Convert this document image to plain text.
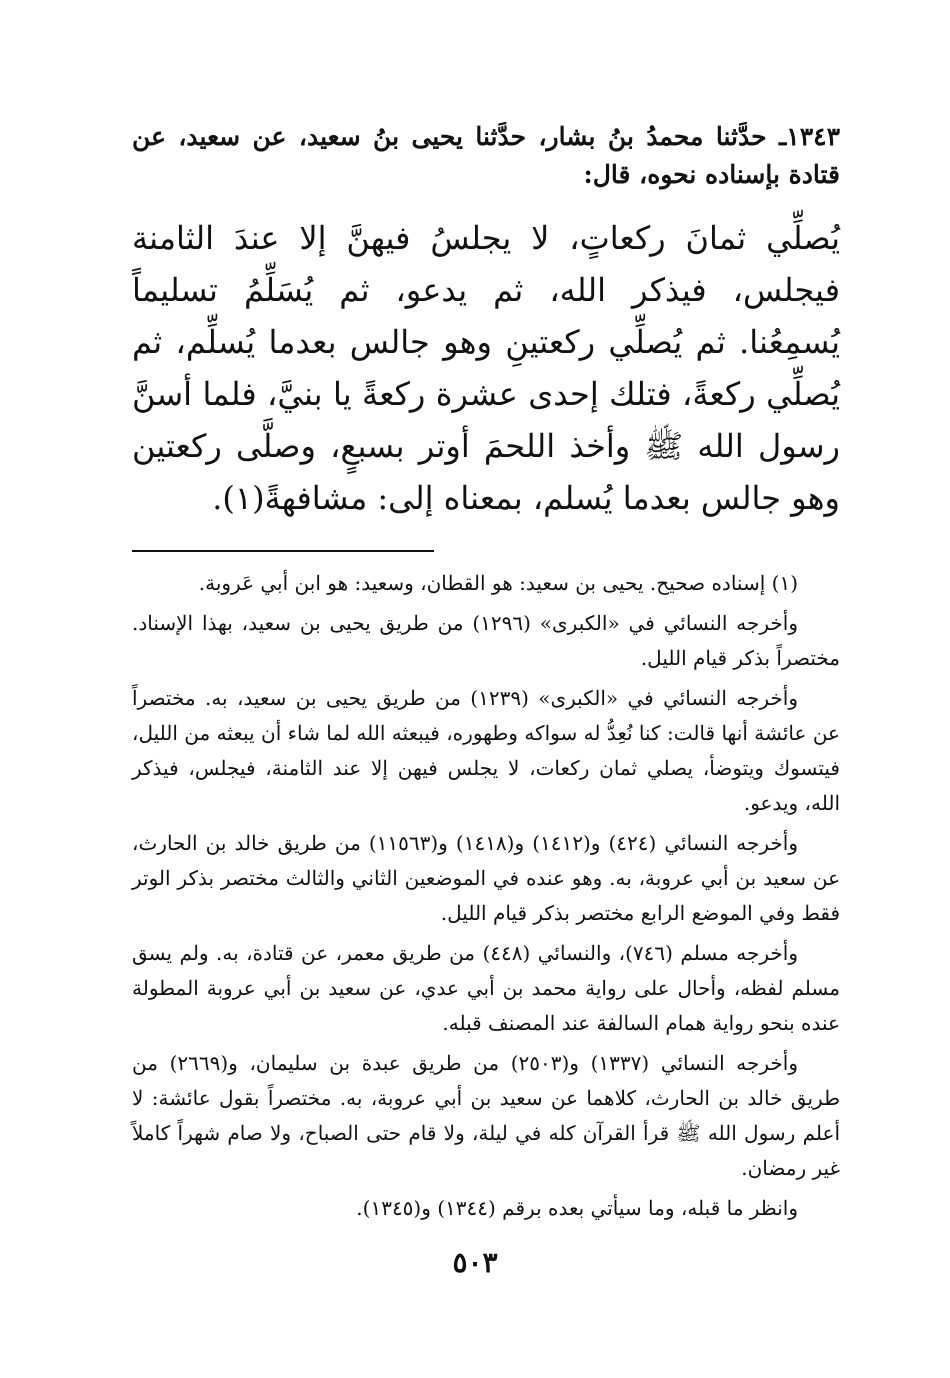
١٣٤٣ـ حدَّثنا محمدُ بنُ بشار، حدَّثنا يحيى بنُ سعيد، عن سعيد، عن قتادة بإسناده نحوه، قال:

يُصلِّي ثمانَ ركعاتٍ، لا يجلسُ فيهنَّ إلا عندَ الثامنة فيجلس، فيذكر الله، ثم يدعو، ثم يُسَلِّمُ تسليماً يُسمِعُنا. ثم يُصلِّي ركعتينِ وهو جالس بعدما يُسلِّم، ثم يُصلِّي ركعةً، فتلك إحدى عشرة ركعةً يا بنيَّ، فلما أسنَّ رسول الله ﷺ وأخذ اللحمَ أوتر بسبعٍ، وصلَّى ركعتين وهو جالس بعدما يُسلم، بمعناه إلى: مشافهةً(١).

(١) إسناده صحيح. يحيى بن سعيد: هو القطان، وسعيد: هو ابن أبي عَروبة.

وأخرجه النسائي في «الكبرى» (١٢٩٦) من طريق يحيى بن سعيد، بهذا الإسناد. مختصراً بذكر قيام الليل.

وأخرجه النسائي في «الكبرى» (١٢٣٩) من طريق يحيى بن سعيد، به. مختصراً عن عائشة أنها قالت: كنا نُعِدُّ له سواكه وطهوره، فيبعثه الله لما شاء أن يبعثه من الليل، فيتسوك ويتوضأ، يصلي ثمان ركعات، لا يجلس فيهن إلا عند الثامنة، فيجلس، فيذكر الله، ويدعو.

وأخرجه النسائي (٤٢٤) و(١٤١٢) و(١٤١٨) و(١١٥٦٣) من طريق خالد بن الحارث، عن سعيد بن أبي عروبة، به. وهو عنده في الموضعين الثاني والثالث مختصر بذكر الوتر فقط وفي الموضع الرابع مختصر بذكر قيام الليل.

وأخرجه مسلم (٧٤٦)، والنسائي (٤٤٨) من طريق معمر، عن قتادة، به. ولم يسق مسلم لفظه، وأحال على رواية محمد بن أبي عدي، عن سعيد بن أبي عروبة المطولة عنده بنحو رواية همام السالفة عند المصنف قبله.

وأخرجه النسائي (١٣٣٧) و(٢٥٠٣) من طريق عبدة بن سليمان، و(٢٦٦٩) من طريق خالد بن الحارث، كلاهما عن سعيد بن أبي عروبة، به. مختصراً بقول عائشة: لا أعلم رسول الله ﷺ قرأ القرآن كله في ليلة، ولا قام حتى الصباح، ولا صام شهراً كاملاً غير رمضان.

وانظر ما قبله، وما سيأتي بعده برقم (١٣٤٤) و(١٣٤٥).

٥٠٣
